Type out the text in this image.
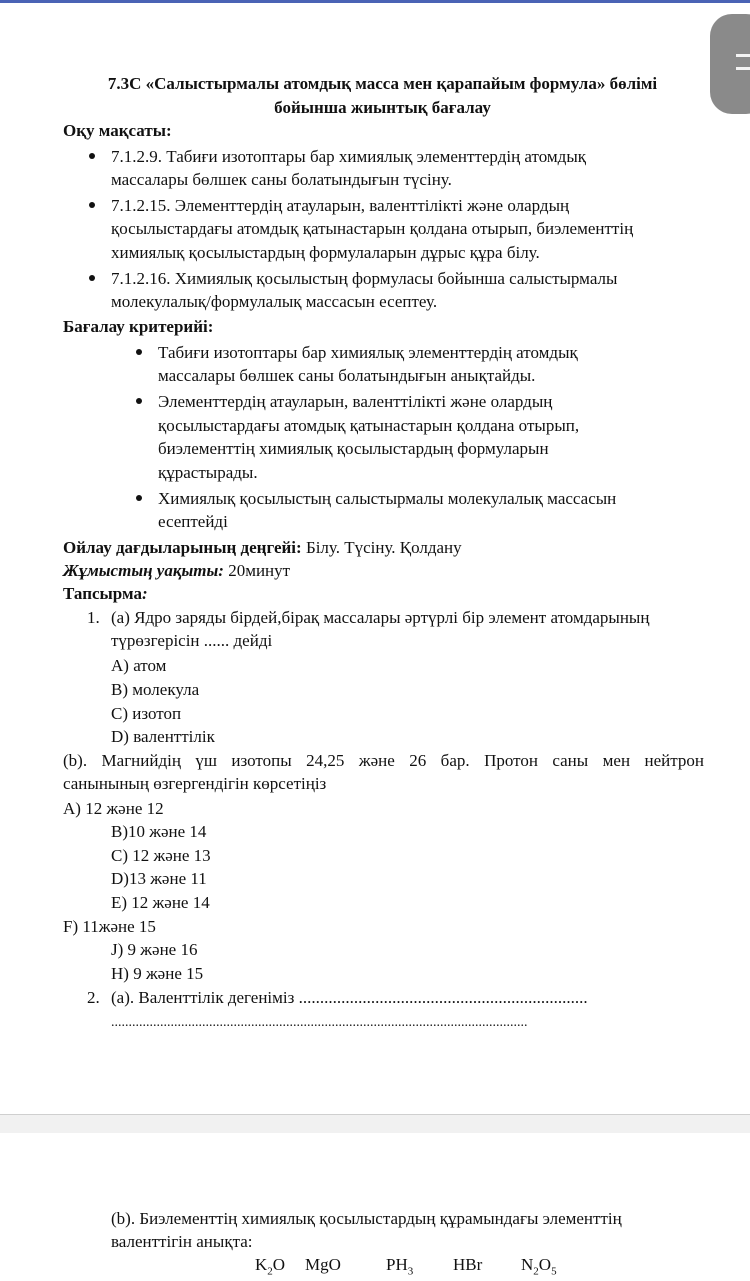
7.3С «Салыстырмалы атомдық масса мен қарапайым формула» бөлімі
бойынша жиынтық бағалау
Оқу мақсаты:
7.1.2.9. Табиғи изотоптары бар химиялық элементтердің атомдық
массалары бөлшек саны болатындығын түсіну.
7.1.2.15. Элементтердің атауларын, валенттілікті және олардың
қосылыстардағы атомдық қатынастарын қолдана отырып, биэлементтің
химиялық қосылыстардың формулаларын дұрыс құра білу.
7.1.2.16. Химиялық қосылыстың формуласы бойынша салыстырмалы
молекулалық/формулалық массасын есептеу.
Бағалау критерийі:
Табиғи изотоптары бар химиялық элементтердің атомдық
массалары бөлшек саны болатындығын анықтайды.
Элементтердің атауларын, валенттілікті және олардың
қосылыстардағы атомдық қатынастарын қолдана отырып,
биэлементтің химиялық қосылыстардың формуларын
құрастырады.
Химиялық қосылыстың салыстырмалы молекулалық массасын
есептейді
Ойлау дағдыларының деңгейі: Білу. Түсіну. Қолдану
Жұмыстың уақыты: 20минут
Тапсырма:
1. (a) Ядро заряды бірдей,бірақ массалары әртүрлі бір элемент атомдарының
түрөзгерісін ...... дейді
A) атом
B) молекула
C) изотоп
D) валенттілік
(b). Магнийдің үш изотопы 24,25 және 26 бар. Протон саны мен нейтрон
санынының өзгергендігін көрсетіңіз
A) 12 және 12
B)10 және 14
C) 12 және 13
D)13 және 11
E) 12 және 14
F) 11және 15
J) 9 және 16
H) 9 және 15
2. (a). Валенттілік дегеніміз ....................................................................
.......................................................................................................................
(b). Биэлементтің химиялық қосылыстардың құрамындағы элементтің
валенттігін анықта:
$K_2O$ MgO	$PH_3$ HBr $N_2O_5$
